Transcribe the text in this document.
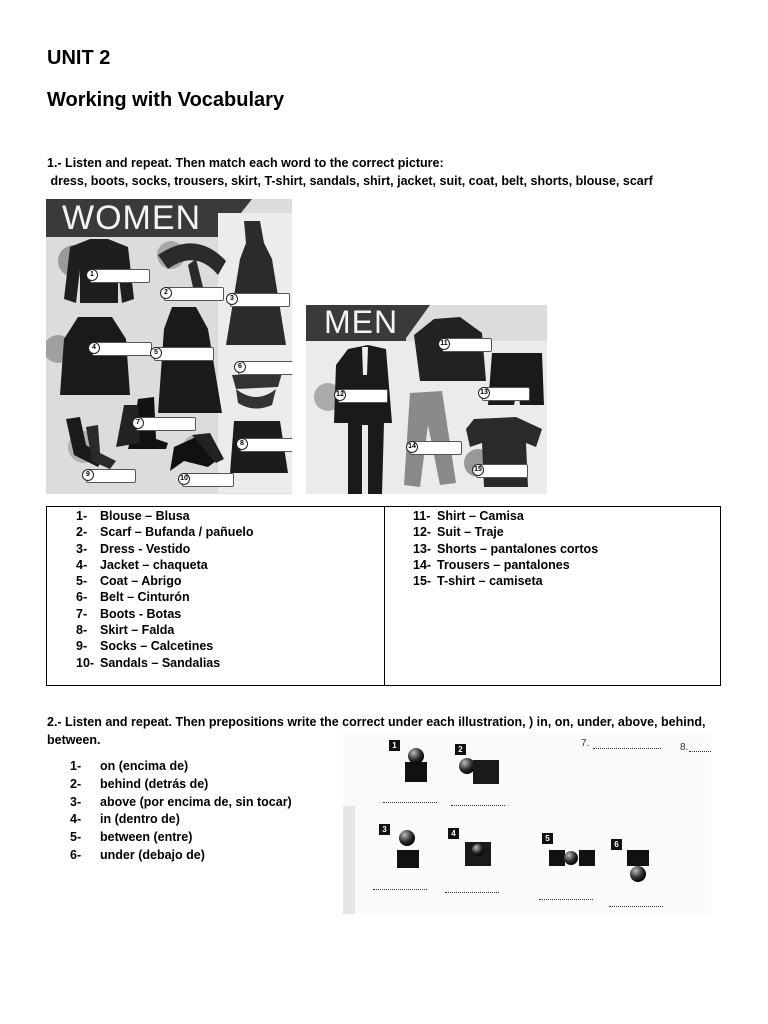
UNIT 2
Working with Vocabulary
1.- Listen and repeat. Then match each word to the correct picture:
dress, boots, socks, trousers, skirt, T-shirt, sandals, shirt, jacket, suit, coat, belt, shorts, blouse, scarf
WOMEN
1
2
3
4
5
6
7
8
9
10
MEN
11
12	13
14
15
1-	Blouse – Blusa
2-	Scarf – Bufanda / pañuelo
3-	Dress - Vestido
4-	Jacket – chaqueta
5-	Coat – Abrigo
6-	Belt – Cinturón
7-	Boots - Botas
8-	Skirt – Falda
9-	Socks – Calcetines
10- Sandals – Sandalias
11- Shirt – Camisa
12- Suit – Traje
13- Shorts – pantalones cortos
14- Trousers – pantalones
15- T-shirt – camiseta
2.- Listen and repeat. Then prepositions write the correct under each illustration, ) in, on, under, above, behind,
between.
1-	on (encima de)
2-	behind (detrás de)
3-	above (por encima de, sin tocar)
4-	in (dentro de)
5-	between (entre)
6-	under (debajo de)
1	2
3	4
5
6
7.	8.
